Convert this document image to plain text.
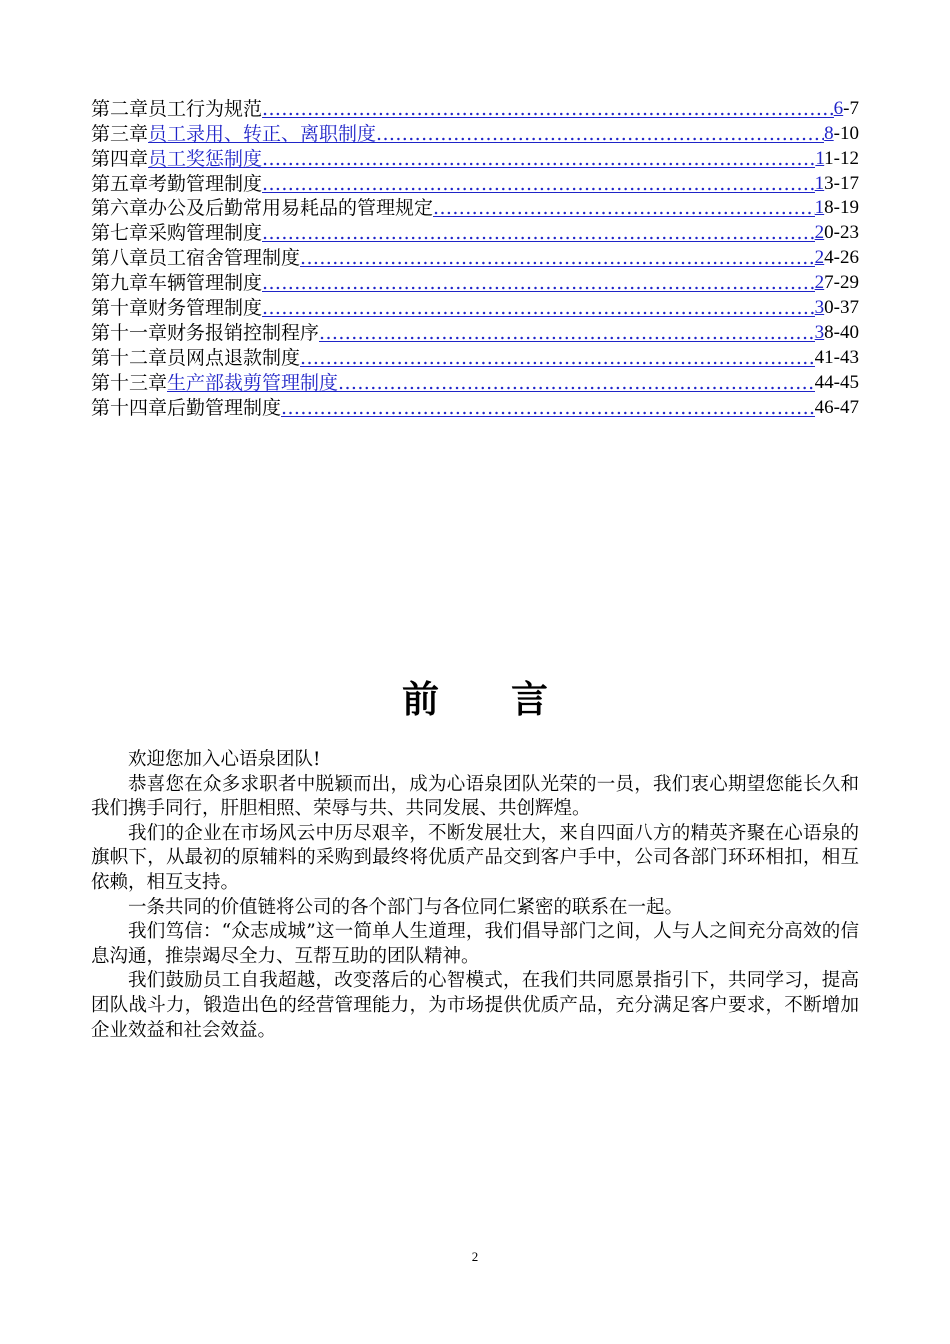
第二章员工行为规范 .....	6-7
第三章员工录用、转正、离职制度 .....	8-10
第四章员工奖惩制度 .....	11-12
第五章考勤管理制度 .....	13-17
第六章办公及后勤常用易耗品的管理规定 .....	18-19
第七章采购管理制度 .....	20-23
第八章员工宿舍管理制度 .....	24-26
第九章车辆管理制度 .....	27-29
第十章财务管理制度 .....	30-37
第十一章财务报销控制程序 .....	38-40
第十二章员网点退款制度 .....	41-43
第十三章生产部裁剪管理制度 .....	44-45
第十四章后勤管理制度 .....	46-47
前言

欢迎您加入心语泉团队!

恭喜您在众多求职者中脱颖而出，成为心语泉团队光荣的一员，我们衷心期望您能长久和我们携手同行，肝胆相照、荣辱与共、共同发展、共创辉煌。

我们的企业在市场风云中历尽艰辛，不断发展壮大，来自四面八方的精英齐聚在心语泉的旗帜下，从最初的原辅料的采购到最终将优质产品交到客户手中，公司各部门环环相扣，相互依赖，相互支持。

一条共同的价值链将公司的各个部门与各位同仁紧密的联系在一起。

我们笃信：“众志成城”这一简单人生道理，我们倡导部门之间，人与人之间充分高效的信息沟通，推崇竭尽全力、互帮互助的团队精神。

我们鼓励员工自我超越，改变落后的心智模式，在我们共同愿景指引下，共同学习，提高团队战斗力，锻造出色的经营管理能力，为市场提供优质产品，充分满足客户要求，不断增加企业效益和社会效益。

2
